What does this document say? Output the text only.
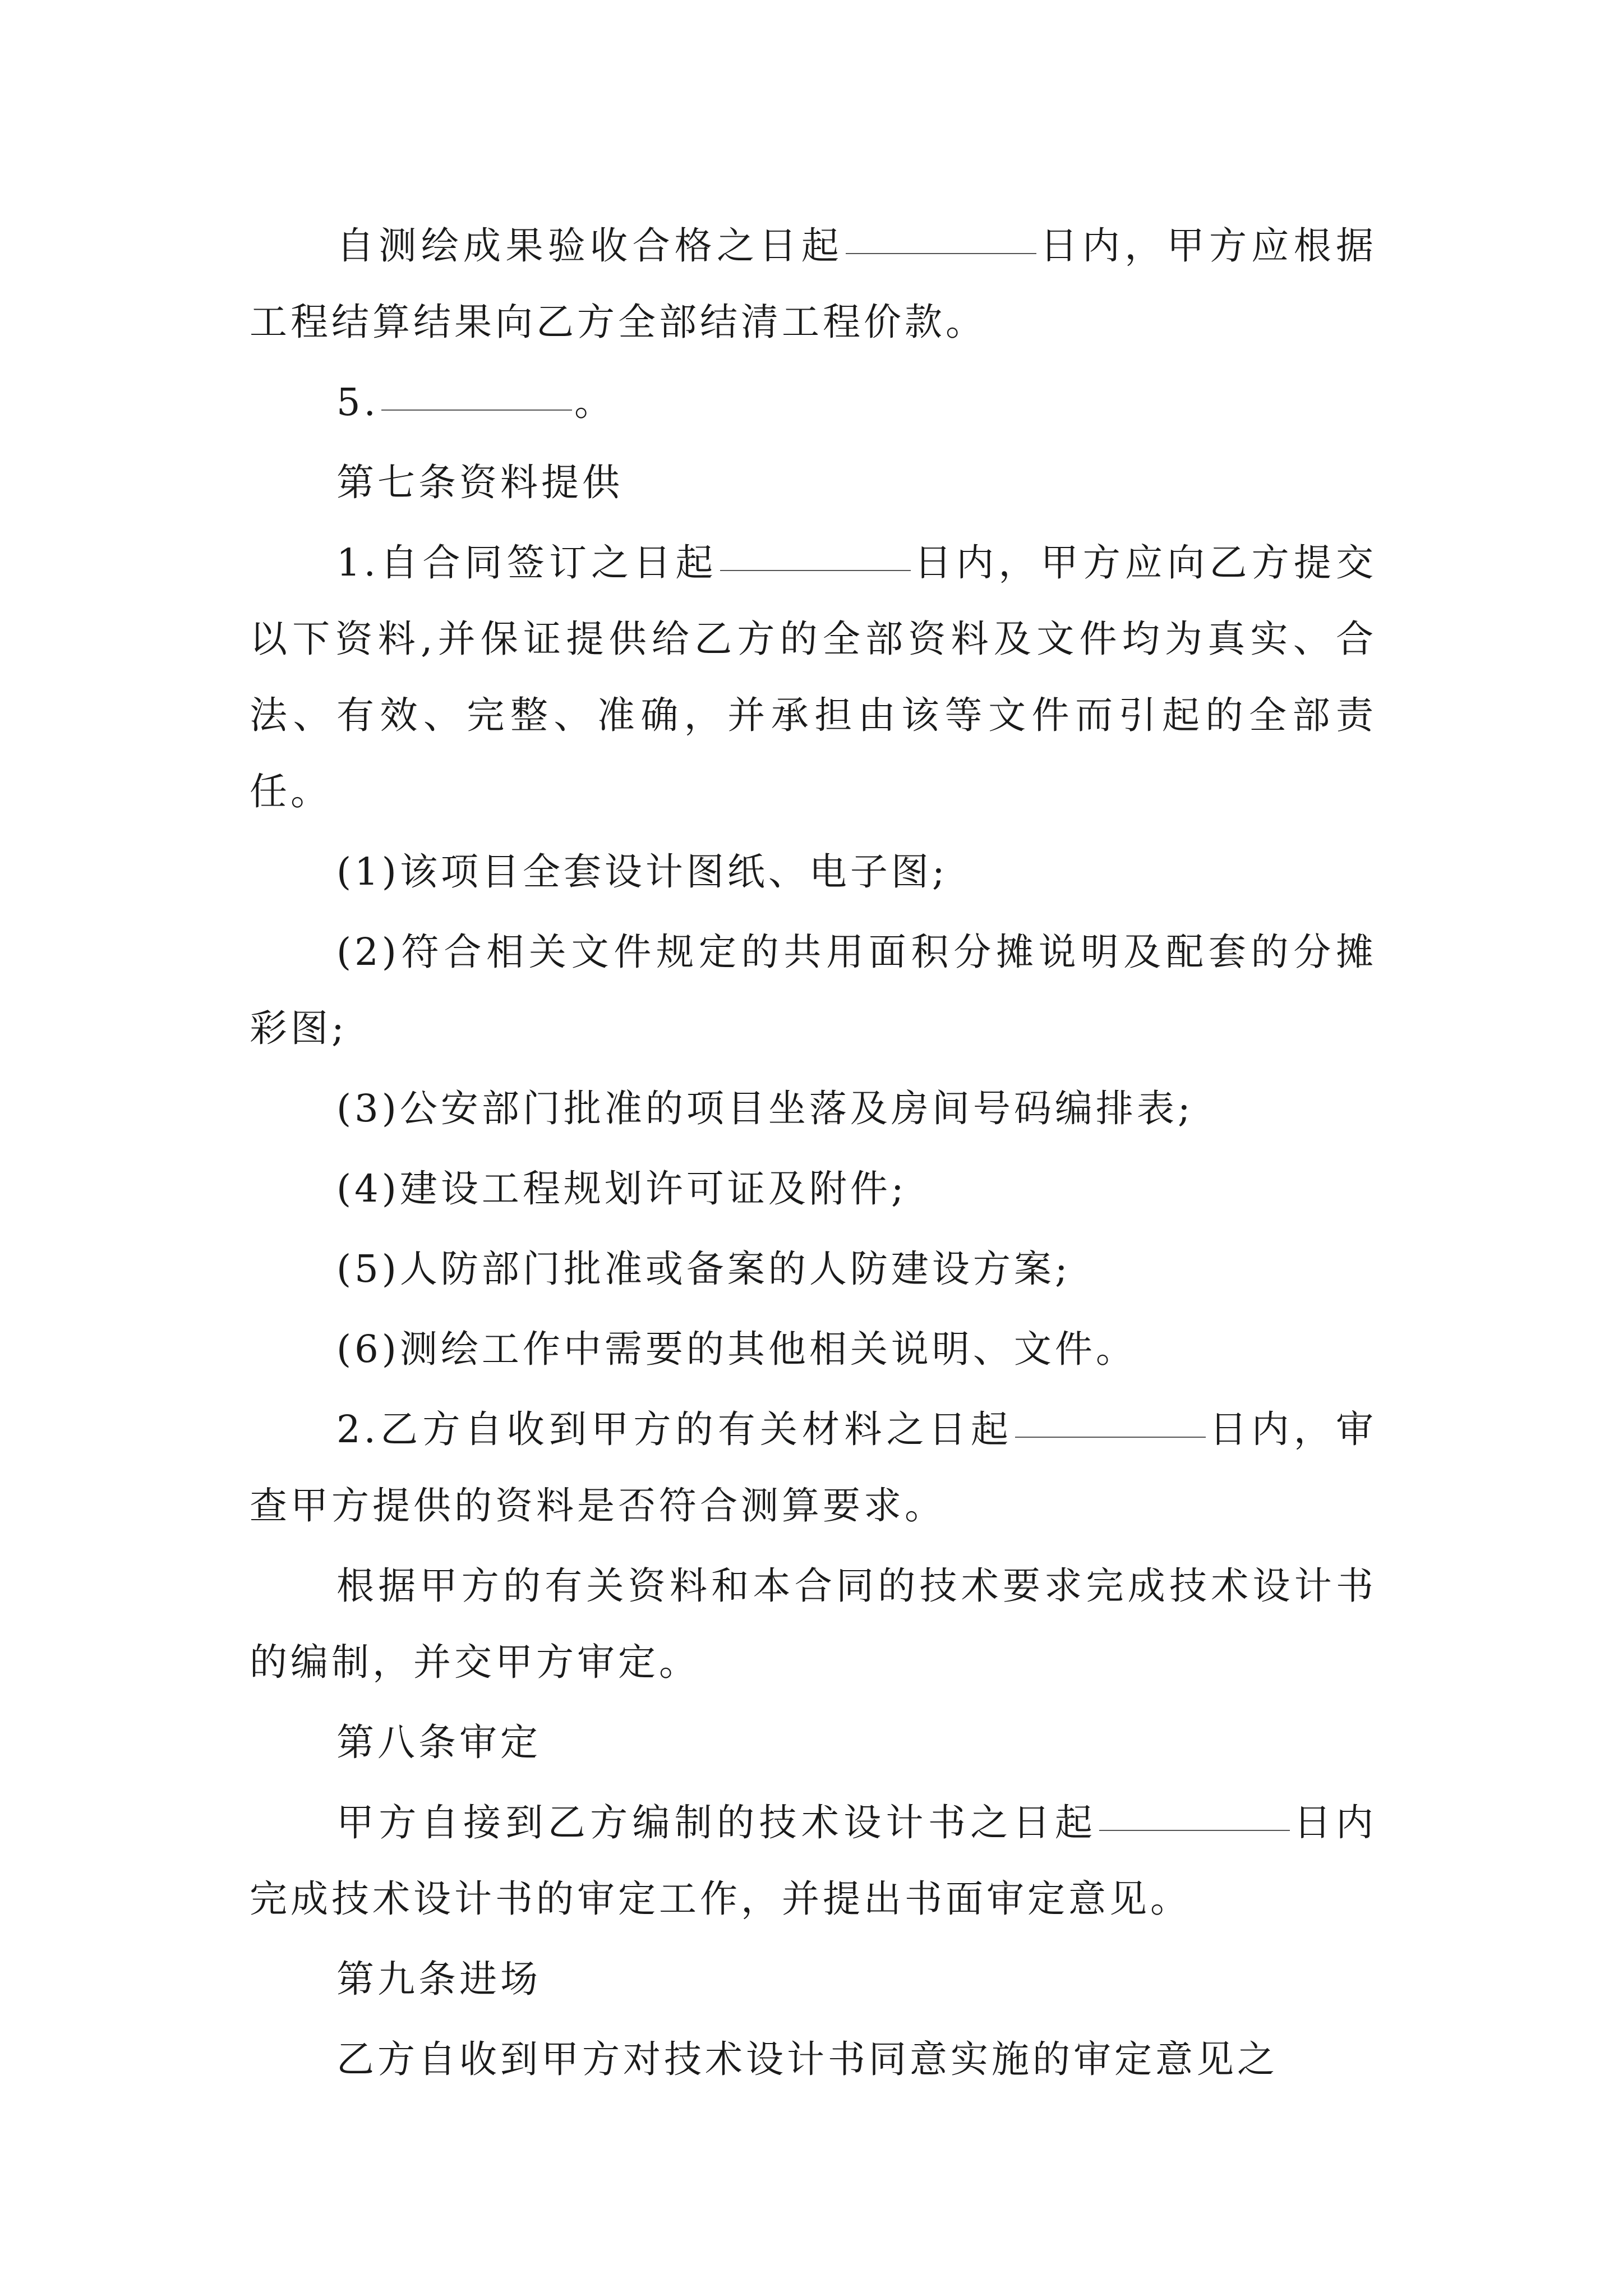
自测绘成果验收合格之日起	日内，甲方应根据工程结算结果向乙方全部结清工程价款。

5.	。

第七条资料提供

1.自合同签订之日起	日内，甲方应向乙方提交以下资料,并保证提供给乙方的全部资料及文件均为真实、合法、有效、完整、准确，并承担由该等文件而引起的全部责任。

(1)该项目全套设计图纸、电子图;

(2)符合相关文件规定的共用面积分摊说明及配套的分摊彩图;

(3)公安部门批准的项目坐落及房间号码编排表;

(4)建设工程规划许可证及附件;

(5)人防部门批准或备案的人防建设方案;

(6)测绘工作中需要的其他相关说明、文件。

2.乙方自收到甲方的有关材料之日起	日内，审查甲方提供的资料是否符合测算要求。

根据甲方的有关资料和本合同的技术要求完成技术设计书的编制，并交甲方审定。

第八条审定

甲方自接到乙方编制的技术设计书之日起	日内完成技术设计书的审定工作，并提出书面审定意见。

第九条进场

乙方自收到甲方对技术设计书同意实施的审定意见之
